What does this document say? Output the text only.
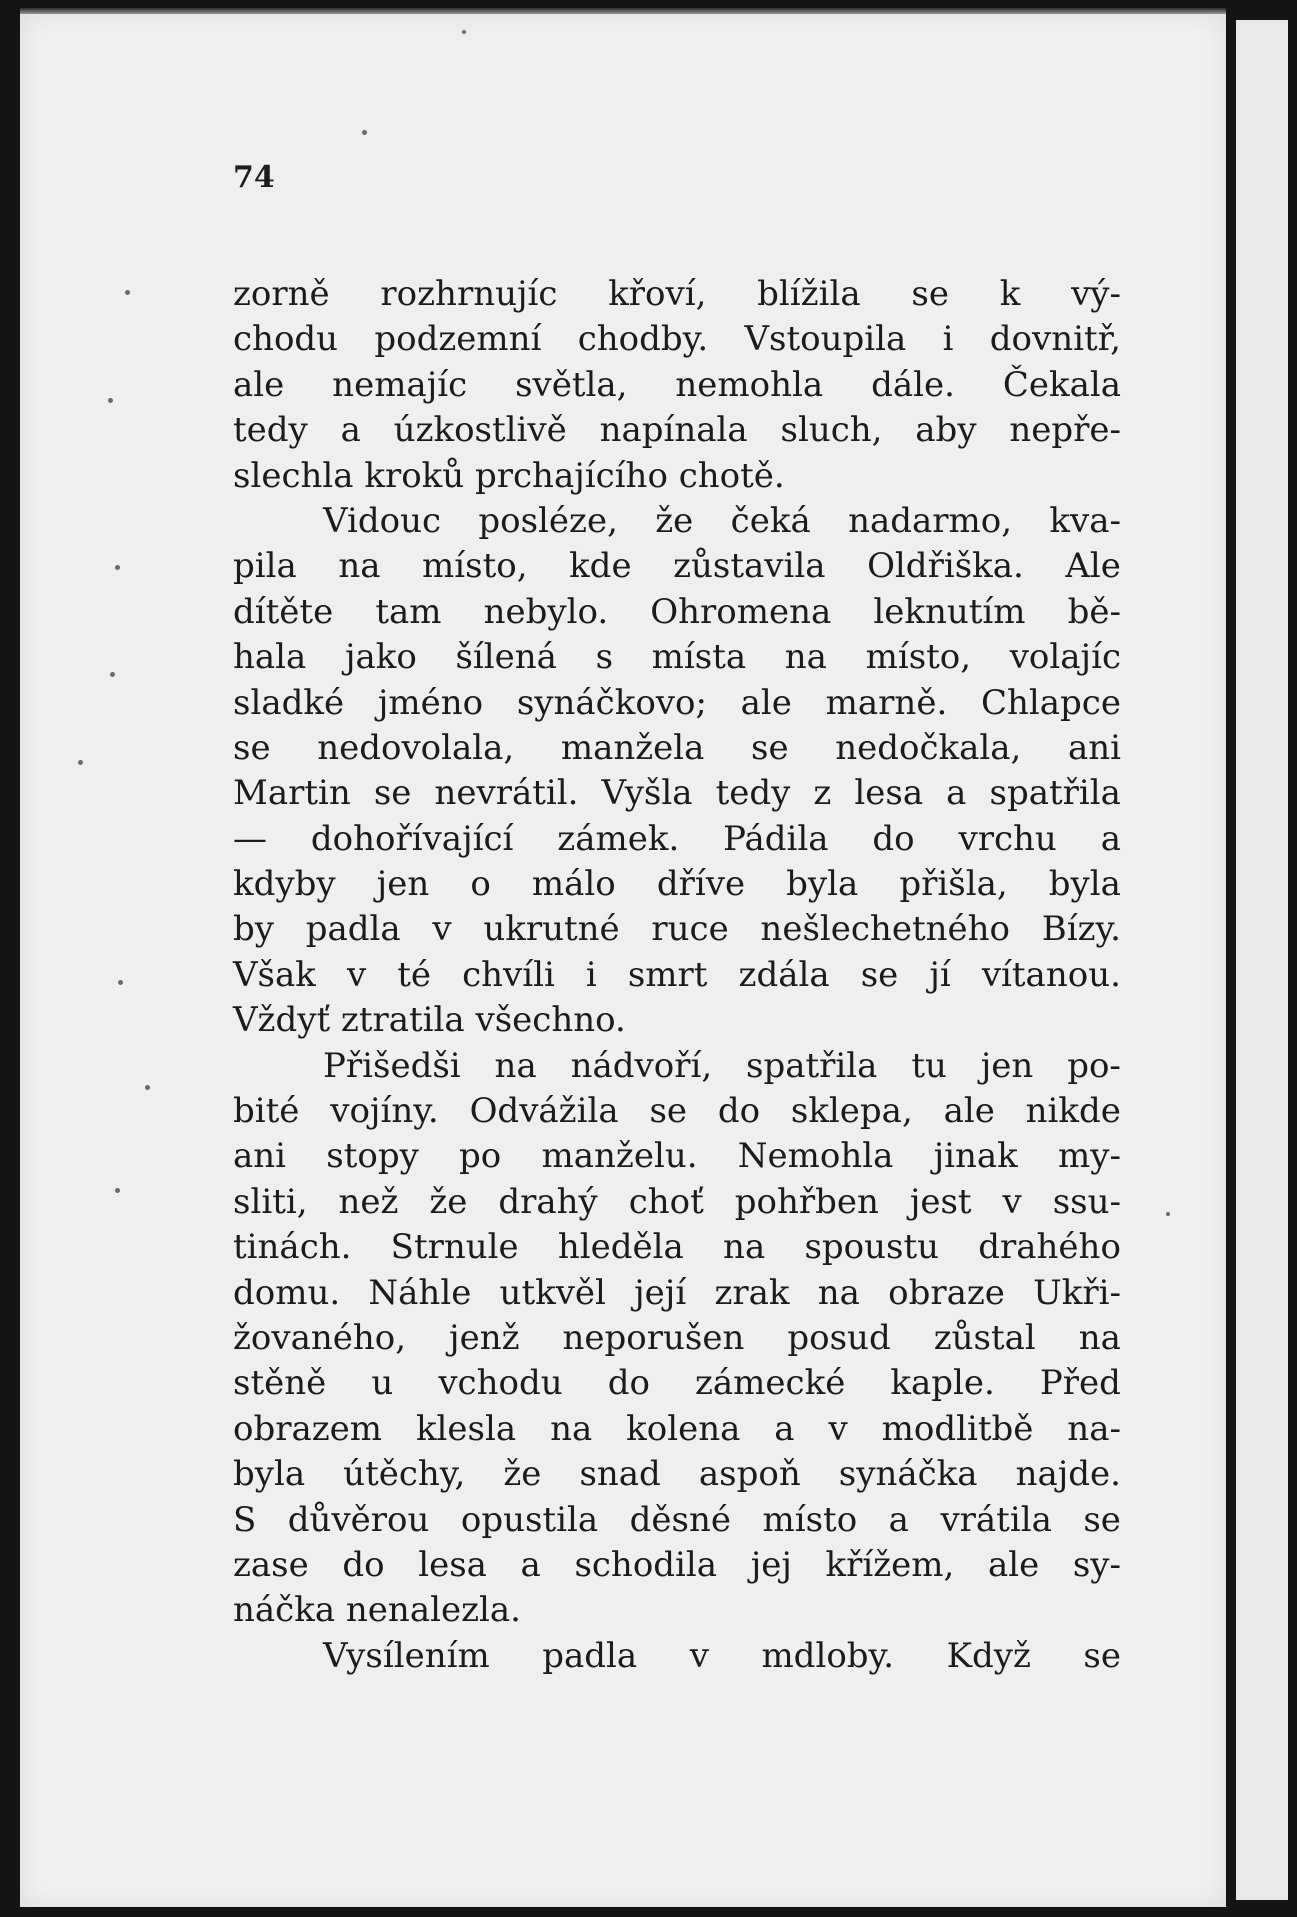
74

zorně rozhrnujíc křoví, blížila se k vý-
chodu podzemní chodby. Vstoupila i dovnitř,
ale nemajíc světla, nemohla dále. Čekala
tedy a úzkostlivě napínala sluch, aby nepře-
slechla
kroků
prchajícího
chotě.
Vidouc posléze, že čeká nadarmo, kva-
pila na místo, kde zůstavila Oldřiška. Ale
dítěte tam nebylo. Ohromena leknutím bě-
hala jako šílená s místa na místo, volajíc
sladké jméno synáčkovo; ale marně. Chlapce
se nedovolala, manžela se nedočkala, ani
Martin se nevrátil. Vyšla tedy z lesa a spatřila
— dohořívající zámek. Pádila do vrchu a
kdyby jen o málo dříve byla přišla, byla
by padla v ukrutné ruce nešlechetného Bízy.
Však v té chvíli i smrt zdála se jí vítanou.
Vždyť
ztratila
všechno.
Přišedši na nádvoří, spatřila tu jen po-
bité vojíny. Odvážila se do sklepa, ale nikde
ani stopy po manželu. Nemohla jinak my-
sliti, než že drahý choť pohřben jest v ssu-
tinách. Strnule hleděla na spoustu drahého
domu. Náhle utkvěl její zrak na obraze Ukři-
žovaného, jenž neporušen posud zůstal na
stěně u vchodu do zámecké kaple. Před
obrazem klesla na kolena a v modlitbě na-
byla útěchy, že snad aspoň synáčka najde.
S důvěrou opustila děsné místo a vrátila se
zase do lesa a schodila jej křížem, ale sy-
náčka
nenalezla.
Vysílením padla v mdloby. Když se
